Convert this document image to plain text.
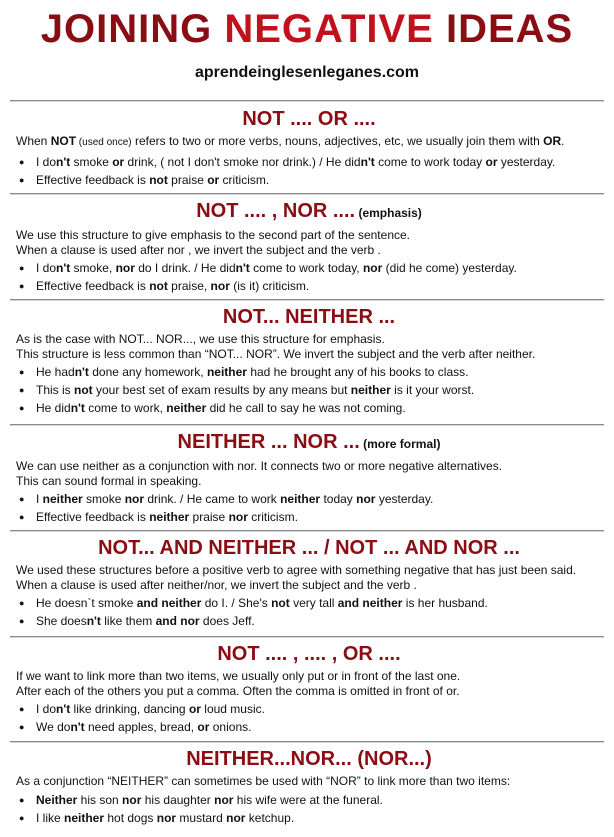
JOINING NEGATIVE IDEAS
aprendeinglesenleganes.com
NOT .... OR ....
When NOT (used once) refers to two or more verbs, nouns, adjectives, etc, we usually join them with OR.
● I don't smoke or drink, ( not I don't smoke nor drink.) / He didn't come to work today or yesterday.
● Effective feedback is not praise or criticism.
NOT .... , NOR .... (emphasis)
We use this structure to give emphasis to the second part of the sentence.
When a clause is used after nor , we invert the subject and the verb .
● I don't smoke, nor do I drink. / He didn't come to work today, nor (did he come) yesterday.
● Effective feedback is not praise, nor (is it) criticism.
NOT... NEITHER ...
As is the case with NOT... NOR..., we use this structure for emphasis.
This structure is less common than “NOT... NOR”. We invert the subject and the verb after neither.
● He hadn't done any homework, neither had he brought any of his books to class.
● This is not your best set of exam results by any means but neither is it your worst.
● He didn't come to work, neither did he call to say he was not coming.
NEITHER ... NOR ... (more formal)
We can use neither as a conjunction with nor. It connects two or more negative alternatives.
This can sound formal in speaking.
● I neither smoke nor drink. / He came to work neither today nor yesterday.
● Effective feedback is neither praise nor criticism.
NOT... AND NEITHER ... / NOT ... AND NOR ...
We used these structures before a positive verb to agree with something negative that has just been said. When a clause is used after neither/nor, we invert the subject and the verb .
● He doesn`t smoke and neither do I. / She's not very tall and neither is her husband.
● She doesn't like them and nor does Jeff.
NOT .... , .... , OR ....
If we want to link more than two items, we usually only put or in front of the last one.
After each of the others you put a comma. Often the comma is omitted in front of or.
● I don't like drinking, dancing or loud music.
● We don't need apples, bread, or onions.
NEITHER...NOR... (NOR...)
As a conjunction “NEITHER” can sometimes be used with “NOR” to link more than two items:
● Neither his son nor his daughter nor his wife were at the funeral.
● I like neither hot dogs nor mustard nor ketchup.
